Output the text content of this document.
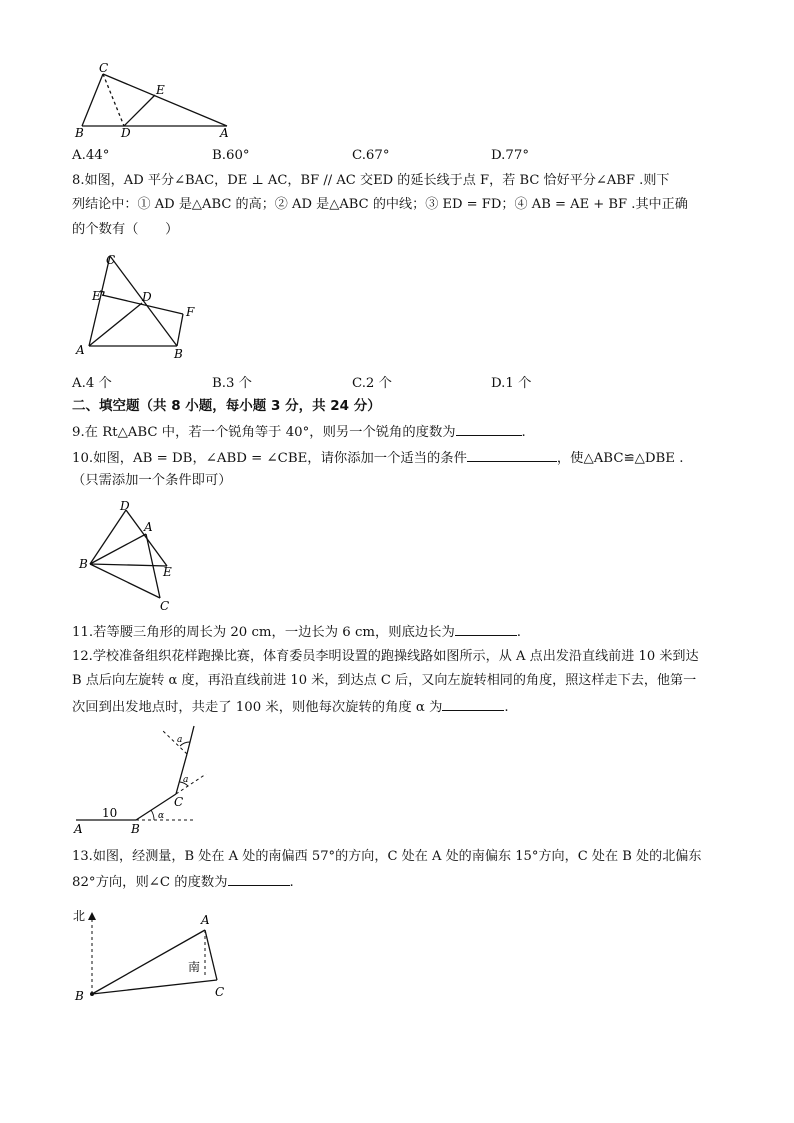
C
E
B	D	A
A.44°	B.60°	C.67°	D.77°

8.如图，AD 平分∠BAC，DE ⊥ AC，BF // AC 交ED 的延长线于点 F，若 BC 恰好平分∠ABF .则下

列结论中：① AD 是△ABC 的高；② AD 是△ABC 的中线；③ ED = FD；④ AB = AE + BF .其中正确

的个数有（　　）

C
E	D
F
A	B
A.4 个	B.3 个	C.2 个	D.1 个

二、填空题（共 8 小题，每小题 3 分，共 24 分）

9.在 Rt△ABC 中，若一个锐角等于 40°，则另一个锐角的度数为	.

10.如图，AB = DB，∠ABD = ∠CBE，请你添加一个适当的条件	，使△ABC≌△DBE .

（只需添加一个条件即可）

D
A
B
E
C

11.若等腰三角形的周长为 20 cm，一边长为 6 cm，则底边长为	.

12.学校准备组织花样跑操比赛，体育委员李明设置的跑操线路如图所示，从 A 点出发沿直线前进 10 米到达

B 点后向左旋转 α 度，再沿直线前进 10 米，到达点 C 后，又向左旋转相同的角度，照这样走下去，他第一

次回到出发地点时，共走了 100 米，则他每次旋转的角度 α 为	.

10
A	B
C
α
a
a

13.如图，经测量，B 处在 A 处的南偏西 57°的方向，C 处在 A 处的南偏东 15°方向，C 处在 B 处的北偏东

82°方向，则∠C 的度数为	.

北
南
A
B	C
